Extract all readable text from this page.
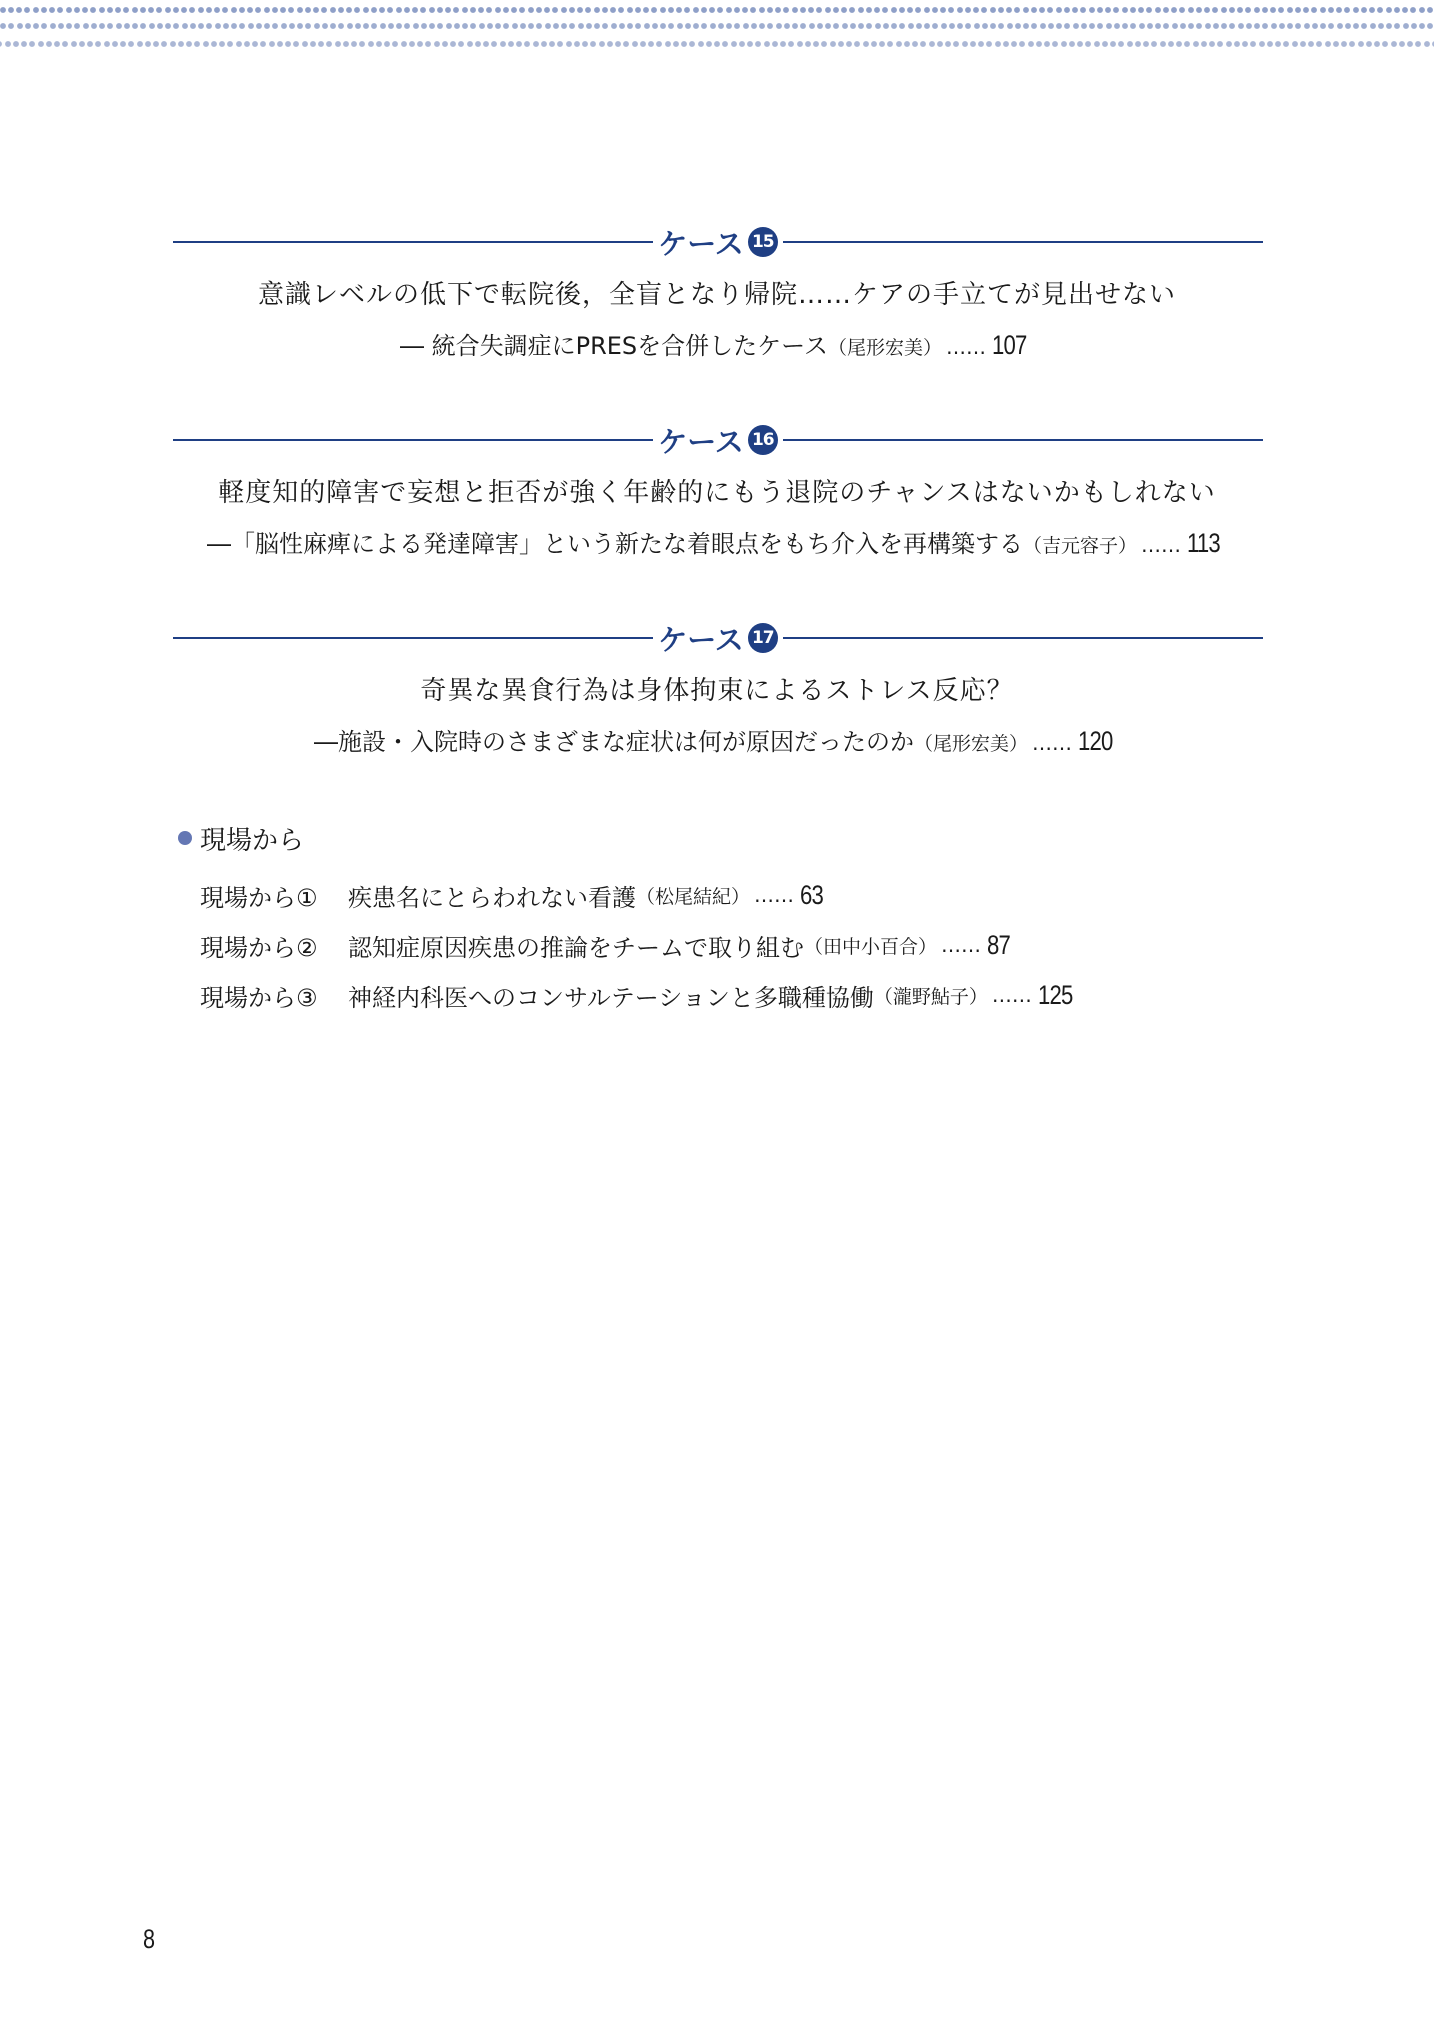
ケース 15
意識レベルの低下で転院後，全盲となり帰院……ケアの手立てが見出せない
― 統合失調症にPRESを合併したケース（尾形宏美） …… 107
ケース 16
軽度知的障害で妄想と拒否が強く年齢的にもう退院のチャンスはないかもしれない
―「脳性麻痺による発達障害」という新たな着眼点をもち介入を再構築する（吉元容子） …… 113
ケース 17
奇異な異食行為は身体拘束によるストレス反応？
―施設・入院時のさまざまな症状は何が原因だったのか（尾形宏美） …… 120
現場から
現場から①	疾患名にとらわれない看護 （松尾結紀） …… 63
現場から②	認知症原因疾患の推論をチームで取り組む （田中小百合） …… 87
現場から③	神経内科医へのコンサルテーションと多職種協働 （瀧野鮎子） …… 125
8
